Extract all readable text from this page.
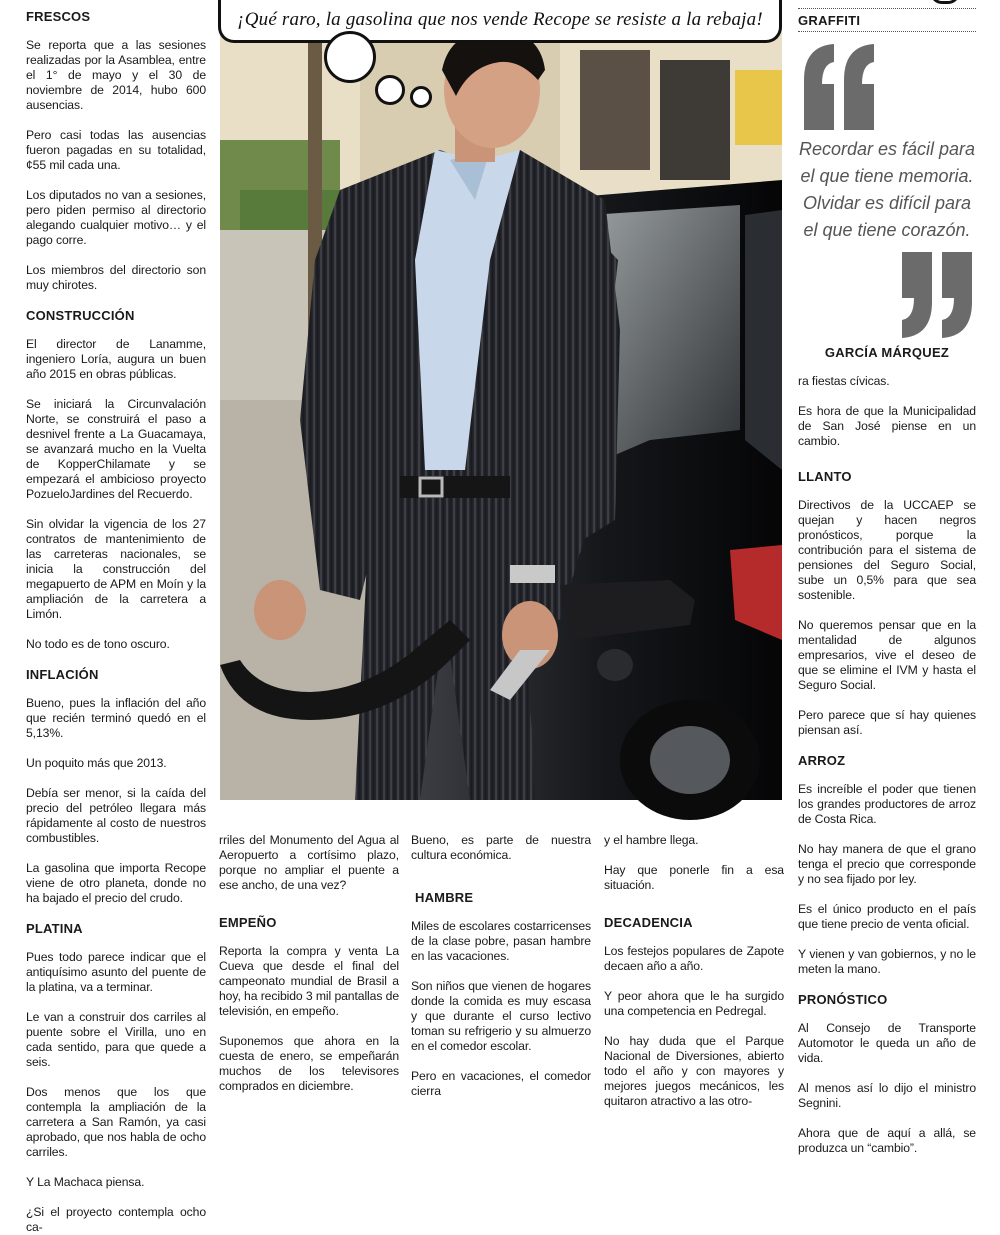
FRESCOS

Se reporta que a las sesiones realizadas por la Asamblea, entre el 1° de mayo y el 30 de noviembre de 2014, hubo 600 ausencias.

Pero casi todas las ausencias fueron pagadas en su totalidad, ¢55 mil cada una.

Los diputados no van a sesiones, pero piden permiso al directorio alegando cualquier motivo… y el pago corre.

Los miembros del directorio son muy chirotes.

CONSTRUCCIÓN

El director de Lanamme, ingeniero Loría, augura un buen año 2015 en obras públicas.

Se iniciará la Circunvalación Norte, se construirá el paso a desnivel frente a La Guacamaya, se avanzará mucho en la Vuelta de KopperChilamate y se empezará el ambicioso proyecto PozueloJardines del Recuerdo.

Sin olvidar la vigencia de los 27 contratos de mantenimiento de las carreteras nacionales, se inicia la construcción del megapuerto de APM en Moín y la ampliación de la carretera a Limón.

No todo es de tono oscuro.

INFLACIÓN

Bueno, pues la inflación del año que recién terminó quedó en el 5,13%.

Un poquito más que 2013.

Debía ser menor, si la caída del precio del petróleo llegara más rápidamente al costo de nuestros combustibles.

La gasolina que importa Recope viene de otro planeta, donde no ha bajado el precio del crudo.

PLATINA

Pues todo parece indicar que el antiquísimo asunto del puente de la platina, va a terminar.

Le van a construir dos carriles al puente sobre el Virilla, uno en cada sentido, para que quede a seis.

Dos menos que los que contempla la ampliación de la carretera a San Ramón, ya casi aprobado, que nos habla de ocho carriles.

Y La Machaca piensa.

¿Si el proyecto contempla ocho ca-

¡Qué raro, la gasolina que nos vende Recope se resiste a la rebaja!

rriles del Monumento del Agua al Aeropuerto a cortísimo plazo, porque no ampliar el puente a ese ancho, de una vez?

EMPEÑO

Reporta la compra y venta La Cueva que desde el final del campeonato mundial de Brasil a hoy, ha recibido 3 mil pantallas de televisión, en empeño.

Suponemos que ahora en la cuesta de enero, se empeñarán muchos de los televisores comprados en diciembre.

Bueno, es parte de nuestra cultura económica.

HAMBRE

Miles de escolares costarricenses de la clase pobre, pasan hambre en las vacaciones.

Son niños que vienen de hogares donde la comida es muy escasa y que durante el curso lectivo toman su refrigerio y su almuerzo en el comedor escolar.

Pero en vacaciones, el comedor cierra

y el hambre llega.

Hay que ponerle fin a esa situación.

DECADENCIA

Los festejos populares de Zapote decaen año a año.

Y peor ahora que le ha surgido una competencia en Pedregal.

No hay duda que el Parque Nacional de Diversiones, abierto todo el año y con mayores y mejores juegos mecánicos, les quitaron atractivo a las otro-

GRAFFITI
Recordar es fácil para el que tiene memoria. Olvidar es difícil para el que tiene corazón.
GARCÍA MÁRQUEZ

ra fiestas cívicas.

Es hora de que la Municipalidad de San José piense en un cambio.

LLANTO

Directivos de la UCCAEP se quejan y hacen negros pronósticos, porque la contribución para el sistema de pensiones del Seguro Social, sube un 0,5% para que sea sostenible.

No queremos pensar que en la mentalidad de algunos empresarios, vive el deseo de que se elimine el IVM y hasta el Seguro Social.

Pero parece que sí hay quienes piensan así.

ARROZ

Es increíble el poder que tienen los grandes productores de arroz de Costa Rica.

No hay manera de que el grano tenga el precio que corresponde y no sea fijado por ley.

Es el único producto en el país que tiene precio de venta oficial.

Y vienen y van gobiernos, y no le meten la mano.

PRONÓSTICO

Al Consejo de Transporte Automotor le queda un año de vida.

Al menos así lo dijo el ministro Segnini.

Ahora que de aquí a allá, se produzca un “cambio”.
